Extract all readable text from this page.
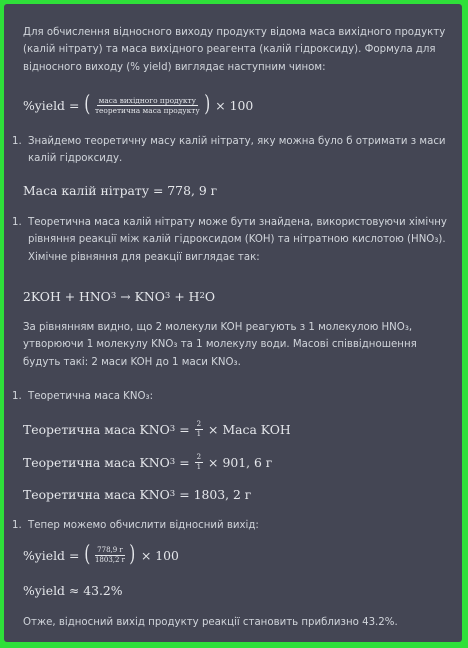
Для обчислення відносного виходу продукту відома маса вихідного продукту (калій нітрату) та маса вихідного реагента (калій гідроксиду). Формула для відносного виходу (% yield) виглядає наступним чином:
%yield = ( $\frac{\text{маса вихідного продукту}}{\text{теоретична маса продукту}}$ ) × 100
1. Знайдемо теоретичну масу калій нітрату, яку можна було б отримати з маси калій гідроксиду.
Маса калій нітрату = 778, 9 г
1. Теоретична маса калій нітрату може бути знайдена, використовуючи хімічну рівняння реакції між калій гідроксидом (KOH) та нітратною кислотою (HNO₃). Хімічне рівняння для реакції виглядає так:
2KOH + HNO 3 → KNO 3 + H 2 O
За рівнянням видно, що 2 молекули KOH реагують з 1 молекулою HNO₃, утворюючи 1 молекулу KNO₃ та 1 молекулу води. Масові співвідношення будуть такі: 2 маси KOH до 1 маси KNO₃.
1. Теоретична маса KNO₃:
Теоретична маса KNO $3 = \frac{2}{1}$ × Маса KOH
Теоретична маса KNO $3 = \frac{2}{1} \times 901$, 6 г
Теоретична маса KNO 3 = 1803, 2 г
1. Тепер можемо обчислити відносний вихід:
%yield = ( $\frac{778,9 г}{1803,2 г}$ ) × 100
%yield ≈ 43.2%
Отже, відносний вихід продукту реакції становить приблизно 43.2%.
